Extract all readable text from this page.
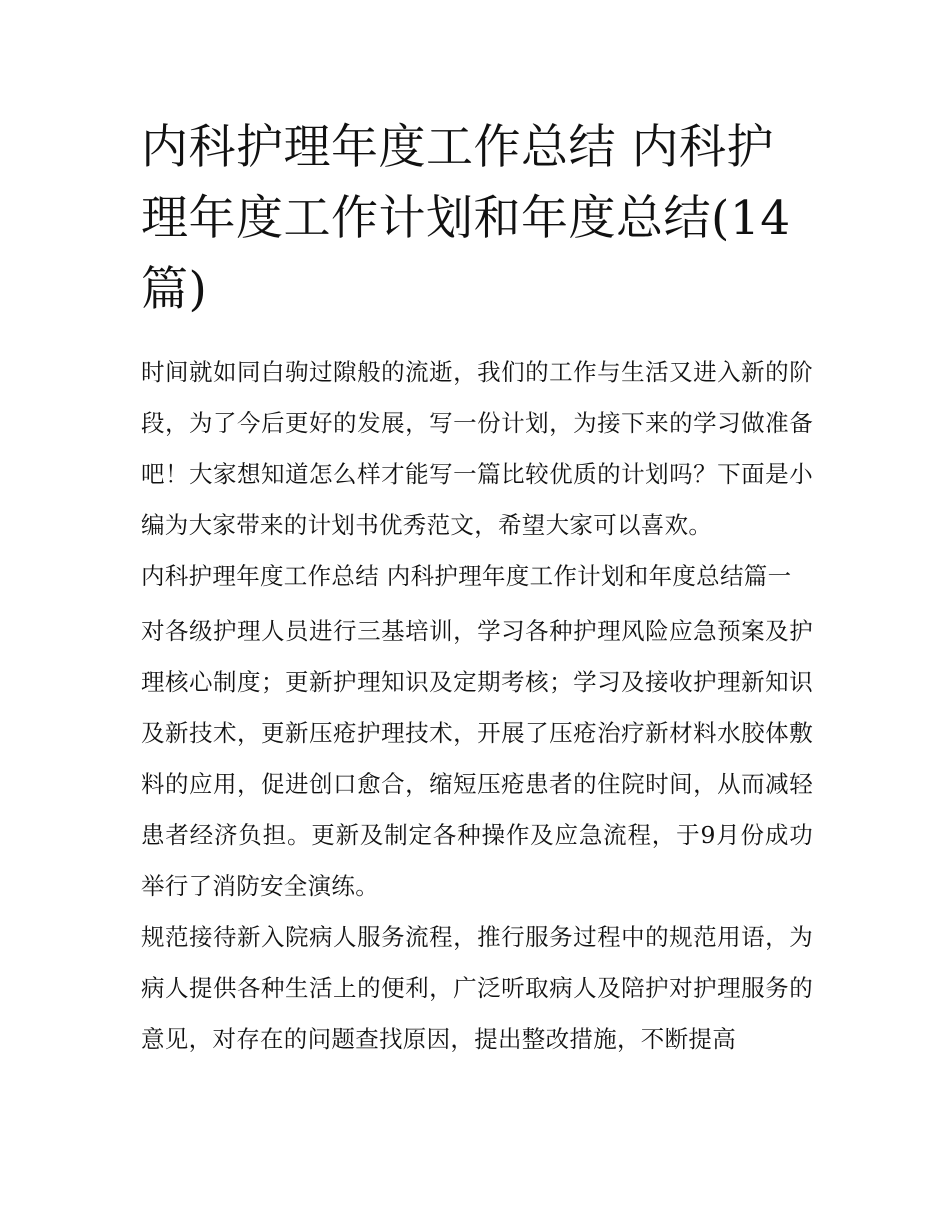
内科护理年度工作总结 内科护理年度工作计划和年度总结(14篇)

时间就如同白驹过隙般的流逝，我们的工作与生活又进入新的阶段，为了今后更好的发展，写一份计划，为接下来的学习做准备吧！大家想知道怎么样才能写一篇比较优质的计划吗？下面是小编为大家带来的计划书优秀范文，希望大家可以喜欢。

内科护理年度工作总结 内科护理年度工作计划和年度总结篇一

对各级护理人员进行三基培训，学习各种护理风险应急预案及护理核心制度；更新护理知识及定期考核；学习及接收护理新知识及新技术，更新压疮护理技术，开展了压疮治疗新材料水胶体敷料的应用，促进创口愈合，缩短压疮患者的住院时间，从而减轻患者经济负担。更新及制定各种操作及应急流程，于9月份成功举行了消防安全演练。

规范接待新入院病人服务流程，推行服务过程中的规范用语，为病人提供各种生活上的便利，广泛听取病人及陪护对护理服务的意见，对存在的问题查找原因，提出整改措施，不断提高
